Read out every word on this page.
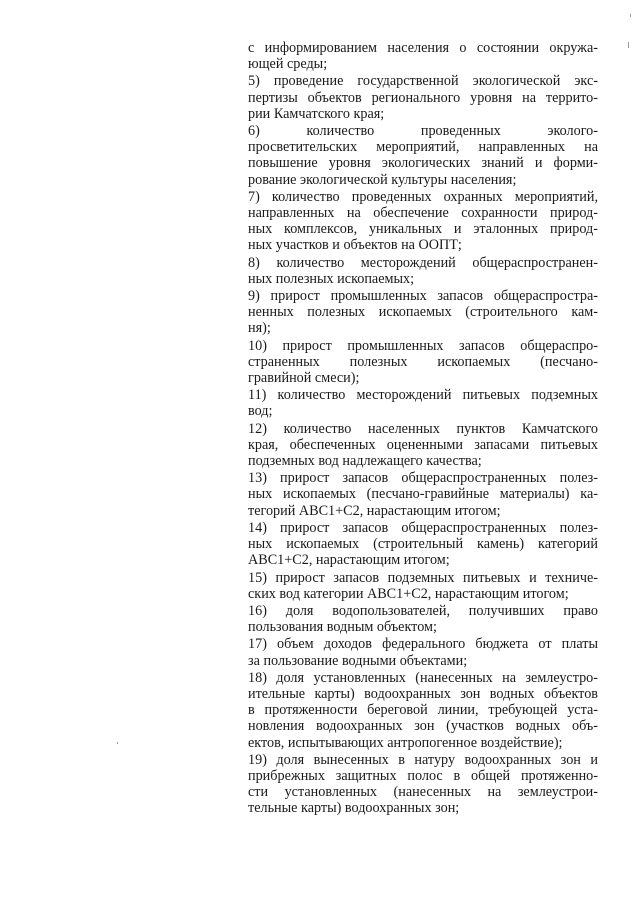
с информированием населения о состоянии окружа-
ющей среды;
5) проведение государственной экологической экс-
пертизы объектов регионального уровня на террито-
рии Камчатского края;
6) количество проведенных эколого-
просветительских мероприятий, направленных на
повышение уровня экологических знаний и форми-
рование экологической культуры населения;
7) количество проведенных охранных мероприятий,
направленных на обеспечение сохранности природ-
ных комплексов, уникальных и эталонных природ-
ных участков и объектов на ООПТ;
8) количество месторождений общераспространен-
ных полезных ископаемых;
9) прирост промышленных запасов общераспростра-
ненных полезных ископаемых (строительного кам-
ня);
10) прирост промышленных запасов общераспро-
страненных полезных ископаемых (песчано-
гравийной смеси);
11) количество месторождений питьевых подземных
вод;
12) количество населенных пунктов Камчатского
края, обеспеченных оцененными запасами питьевых
подземных вод надлежащего качества;
13) прирост запасов общераспространенных полез-
ных ископаемых (песчано-гравийные материалы) ка-
тегорий АВС1+С2, нарастающим итогом;
14) прирост запасов общераспространенных полез-
ных ископаемых (строительный камень) категорий
АВС1+С2, нарастающим итогом;
15) прирост запасов подземных питьевых и техниче-
ских вод категории АВС1+С2, нарастающим итогом;
16) доля водопользователей, получивших право
пользования водным объектом;
17) объем доходов федерального бюджета от платы
за пользование водными объектами;
18) доля установленных (нанесенных на землеустро-
ительные карты) водоохранных зон водных объектов
в протяженности береговой линии, требующей уста-
новления водоохранных зон (участков водных объ-
ектов, испытывающих антропогенное воздействие);
19) доля вынесенных в натуру водоохранных зон и
прибрежных защитных полос в общей протяженно-
сти установленных (нанесенных на землеустрои-
тельные карты) водоохранных зон;
